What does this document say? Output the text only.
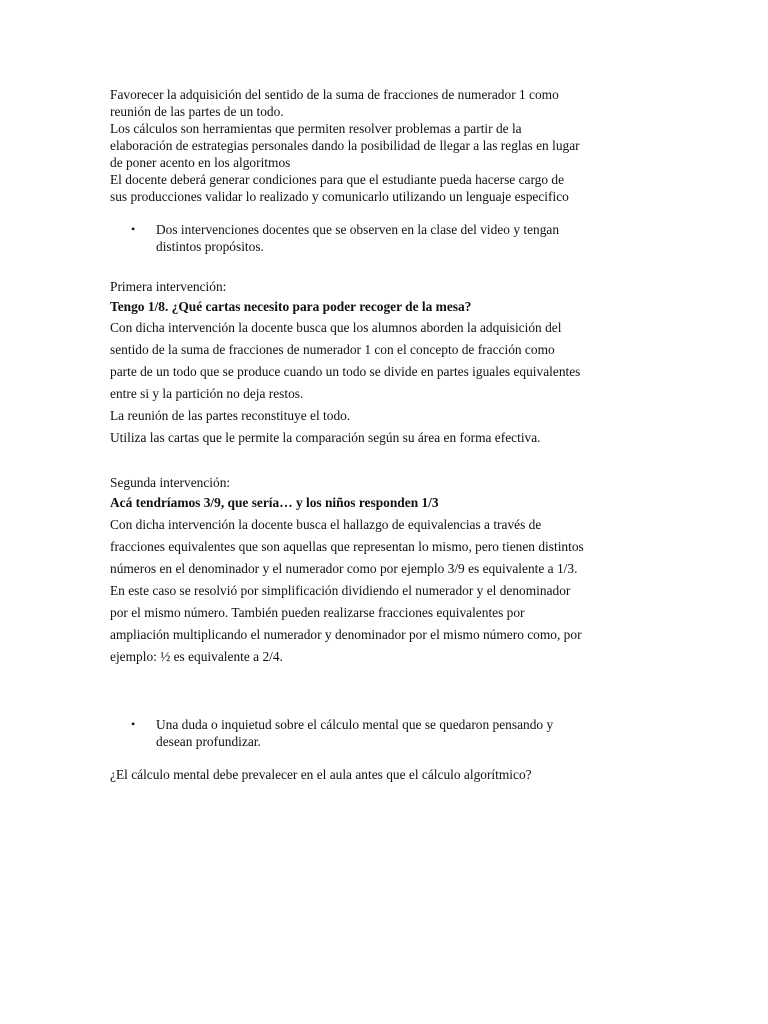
Favorecer la adquisición del sentido de la suma de fracciones de numerador 1 como

reunión de las partes de un todo.

Los cálculos son herramientas que permiten resolver problemas a partir de la

elaboración de estrategias personales dando la posibilidad de llegar a las reglas en lugar

de poner acento en los algoritmos

El docente deberá generar condiciones para que el estudiante pueda hacerse cargo de

sus producciones validar lo realizado y comunicarlo utilizando un lenguaje especifico

• Dos intervenciones docentes que se observen en la clase del video y tengan

distintos propósitos.

Primera intervención:

Tengo 1/8. ¿Qué cartas necesito para poder recoger de la mesa?

Con dicha intervención la docente busca que los alumnos aborden la adquisición del

sentido de la suma de fracciones de numerador 1 con el concepto de fracción como

parte de un todo que se produce cuando un todo se divide en partes iguales equivalentes

entre si y la partición no deja restos.

La reunión de las partes reconstituye el todo.

Utiliza las cartas que le permite la comparación según su área en forma efectiva.

Segunda intervención:

Acá tendríamos 3/9, que sería… y los niños responden 1/3

Con dicha intervención la docente busca el hallazgo de equivalencias a través de

fracciones equivalentes que son aquellas que representan lo mismo, pero tienen distintos

números en el denominador y el numerador como por ejemplo 3/9 es equivalente a 1/3.

En este caso se resolvió por simplificación dividiendo el numerador y el denominador

por el mismo número. También pueden realizarse fracciones equivalentes por

ampliación multiplicando el numerador y denominador por el mismo número como, por

ejemplo: ½ es equivalente a 2/4.

• Una duda o inquietud sobre el cálculo mental que se quedaron pensando y

desean profundizar.

¿El cálculo mental debe prevalecer en el aula antes que el cálculo algorítmico?
